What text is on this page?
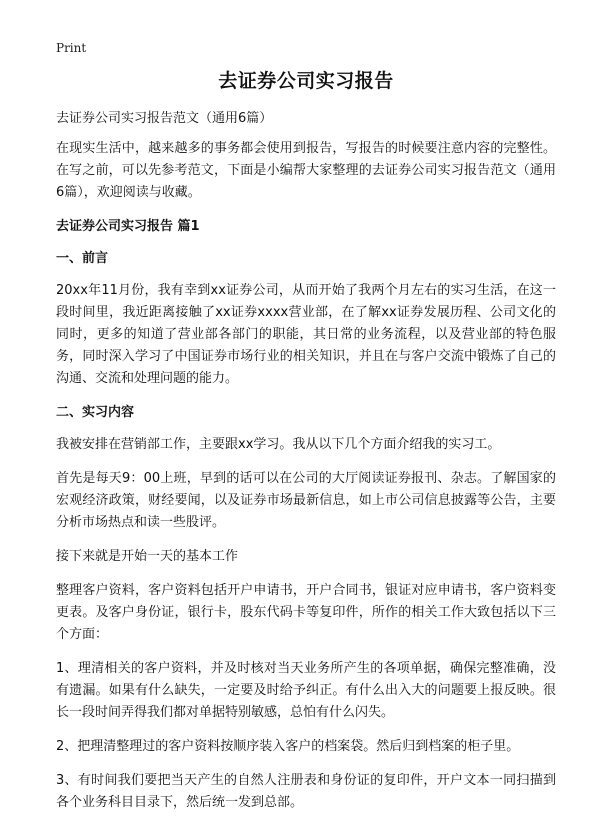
Print
去证券公司实习报告
去证券公司实习报告范文（通用6篇）

在现实生活中，越来越多的事务都会使用到报告，写报告的时候要注意内容的完整性。在写之前，可以先参考范文，下面是小编帮大家整理的去证券公司实习报告范文（通用6篇），欢迎阅读与收藏。

去证券公司实习报告 篇1
一、前言

20xx年11月份，我有幸到xx证券公司，从而开始了我两个月左右的实习生活，在这一段时间里，我近距离接触了xx证券xxxx营业部，在了解xx证券发展历程、公司文化的同时，更多的知道了营业部各部门的职能，其日常的业务流程，以及营业部的特色服务，同时深入学习了中国证券市场行业的相关知识，并且在与客户交流中锻炼了自己的沟通、交流和处理问题的能力。

二、实习内容

我被安排在营销部工作，主要跟xx学习。我从以下几个方面介绍我的实习工。

首先是每天9：00上班，早到的话可以在公司的大厅阅读证券报刊、杂志。了解国家的宏观经济政策，财经要闻，以及证券市场最新信息，如上市公司信息披露等公告，主要分析市场热点和读一些股评。

接下来就是开始一天的基本工作

整理客户资料，客户资料包括开户申请书，开户合同书，银证对应申请书，客户资料变更表。及客户身份证，银行卡，股东代码卡等复印件，所作的相关工作大致包括以下三个方面：

1、理清相关的客户资料，并及时核对当天业务所产生的各项单据，确保完整准确，没有遗漏。如果有什么缺失，一定要及时给予纠正。有什么出入大的问题要上报反映。很长一段时间弄得我们都对单据特别敏感，总怕有什么闪失。

2、把理清整理过的客户资料按顺序装入客户的档案袋。然后归到档案的柜子里。

3、有时间我们要把当天产生的自然人注册表和身份证的复印件，开户文本一同扫描到各个业务科目目录下，然后统一发到总部。
